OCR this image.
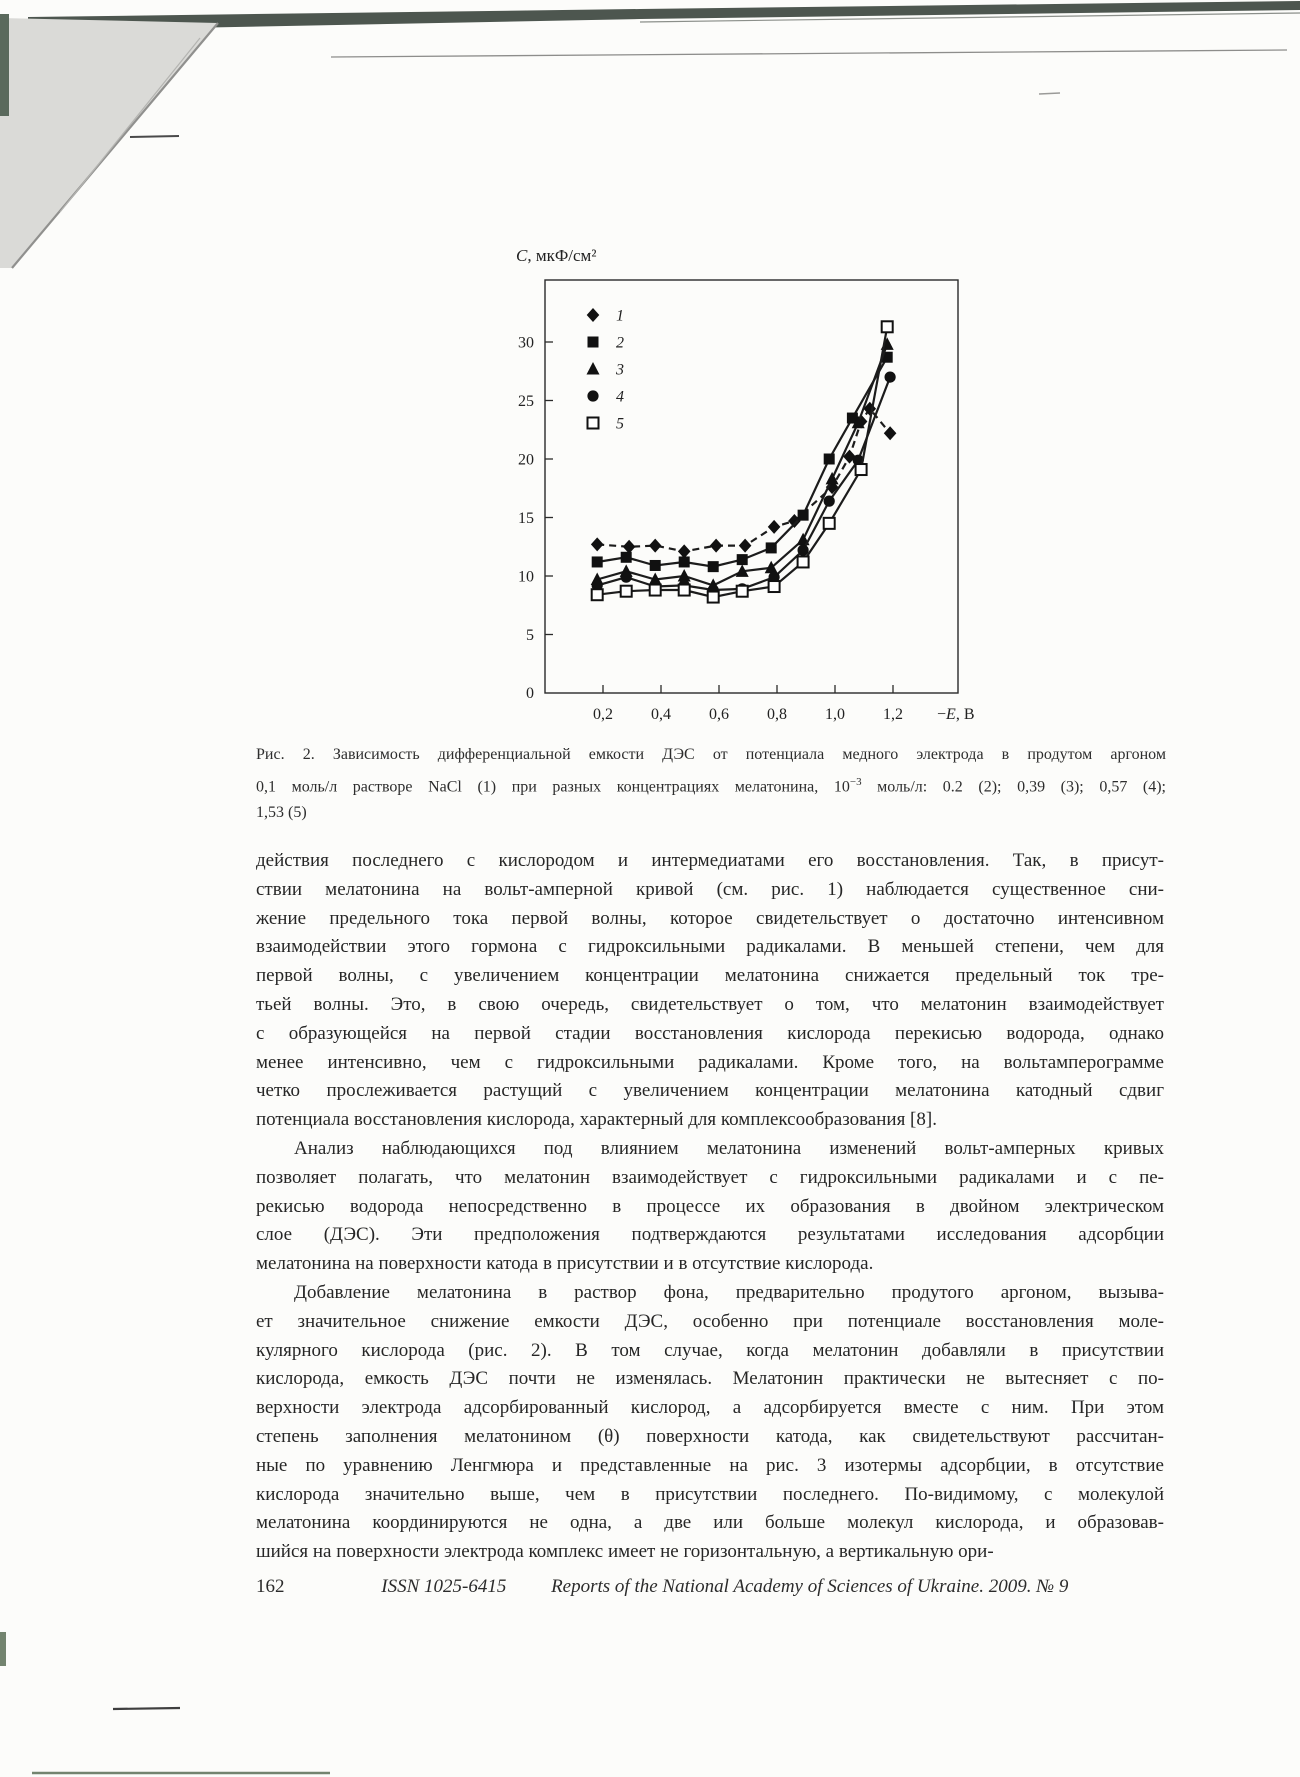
5
10
15
20
25
30
0
0,2 0,4 0,6 0,8 1,0 1,2 −E, В
C, мкФ/см²
1
2
3
4
5
Рис. 2. Зависимость дифференциальной емкости ДЭС от потенциала медного электрода в продутом аргоном
0,1 моль/л растворе NaCl (1) при разных концентрациях мелатонина, $10^{-3}$ моль/л: 0.2 (2); 0,39 (3); 0,57 (4);
1,53 (5)
действия последнего с кислородом и интермедиатами его восстановления. Так, в присут-
ствии мелатонина на вольт-амперной кривой (см. рис. 1) наблюдается существенное сни-
жение предельного тока первой волны, которое свидетельствует о достаточно интенсивном
взаимодействии этого гормона с гидроксильными радикалами. В меньшей степени, чем для
первой волны, с увеличением концентрации мелатонина снижается предельный ток тре-
тьей волны. Это, в свою очередь, свидетельствует о том, что мелатонин взаимодействует
с образующейся на первой стадии восстановления кислорода перекисью водорода, однако
менее интенсивно, чем с гидроксильными радикалами. Кроме того, на вольтамперограмме
четко прослеживается растущий с увеличением концентрации мелатонина катодный сдвиг
потенциала восстановления кислорода, характерный для комплексообразования [8].
Анализ наблюдающихся под влиянием мелатонина изменений вольт-амперных кривых
позволяет полагать, что мелатонин взаимодействует с гидроксильными радикалами и с пе-
рекисью водорода непосредственно в процессе их образования в двойном электрическом
слое (ДЭС). Эти предположения подтверждаются результатами исследования адсорбции
мелатонина на поверхности катода в присутствии и в отсутствие кислорода.
Добавление мелатонина в раствор фона, предварительно продутого аргоном, вызыва-
ет значительное снижение емкости ДЭС, особенно при потенциале восстановления моле-
кулярного кислорода (рис. 2). В том случае, когда мелатонин добавляли в присутствии
кислорода, емкость ДЭС почти не изменялась. Мелатонин практически не вытесняет с по-
верхности электрода адсорбированный кислород, а адсорбируется вместе с ним. При этом
степень заполнения мелатонином (θ) поверхности катода, как свидетельствуют рассчитан-
ные по уравнению Ленгмюра и представленные на рис. 3 изотермы адсорбции, в отсутствие
кислорода значительно выше, чем в присутствии последнего. По-видимому, с молекулой
мелатонина координируются не одна, а две или больше молекул кислорода, и образовав-
шийся на поверхности электрода комплекс имеет не горизонтальную, а вертикальную ори-
162	ISSN 1025-6415 Reports of the National Academy of Sciences of Ukraine. 2009. № 9
